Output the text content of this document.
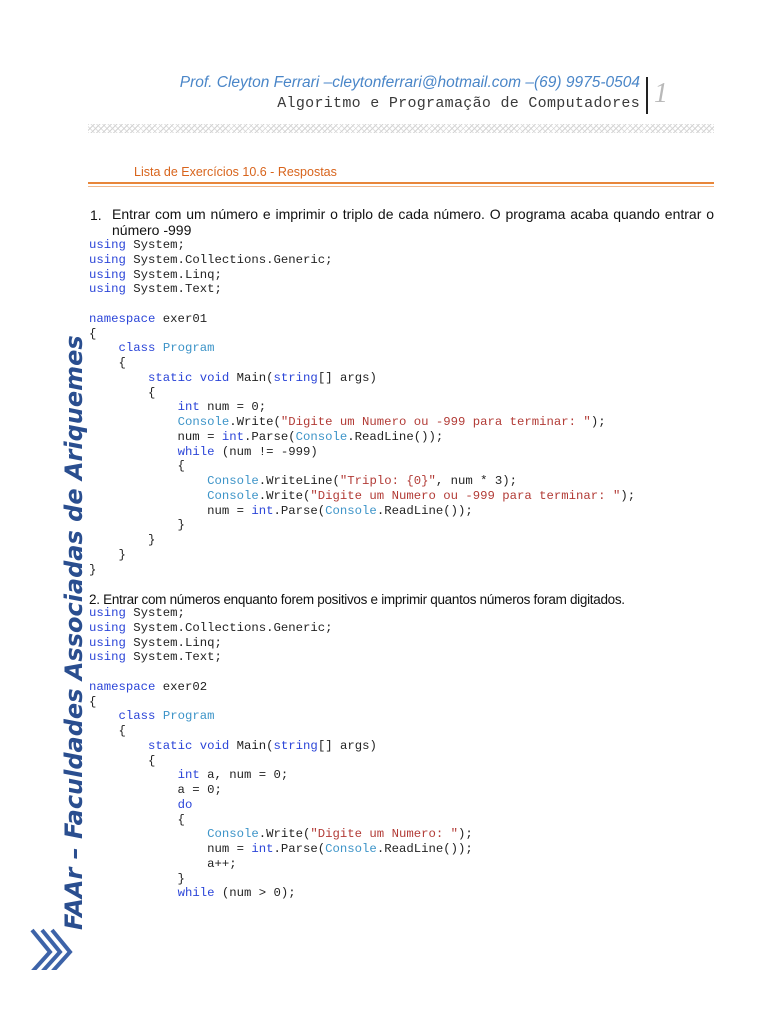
Prof. Cleyton Ferrari –cleytonferrari@hotmail.com –(69) 9975-0504
Algoritmo e Programação de Computadores 1
Lista de Exercícios 10.6 - Respostas
1. Entrar com um número e imprimir o triplo de cada número. O programa acaba quando entrar o número -999
using System;
using System.Collections.Generic;
using System.Linq;
using System.Text;
namespace exer01
{
class Program
{
static void Main(string[] args)
{
int num = 0;
Console.Write("Digite um Numero ou -999 para terminar: ");
num = int.Parse(Console.ReadLine());
while (num != -999)
{
Console.WriteLine("Triplo: {0}", num * 3);
Console.Write("Digite um Numero ou -999 para terminar: ");
num = int.Parse(Console.ReadLine());
}
}
}
}
2. Entrar com números enquanto forem positivos e imprimir quantos números foram digitados.
using System;
using System.Collections.Generic;
using System.Linq;
using System.Text;
namespace exer02
{
class Program
{
static void Main(string[] args)
{
int a, num = 0;
a = 0;
do
{
Console.Write("Digite um Numero: ");
num = int.Parse(Console.ReadLine());
a++;
}
while (num > 0);
FAAr – Faculdades Associadas de Ariquemes
